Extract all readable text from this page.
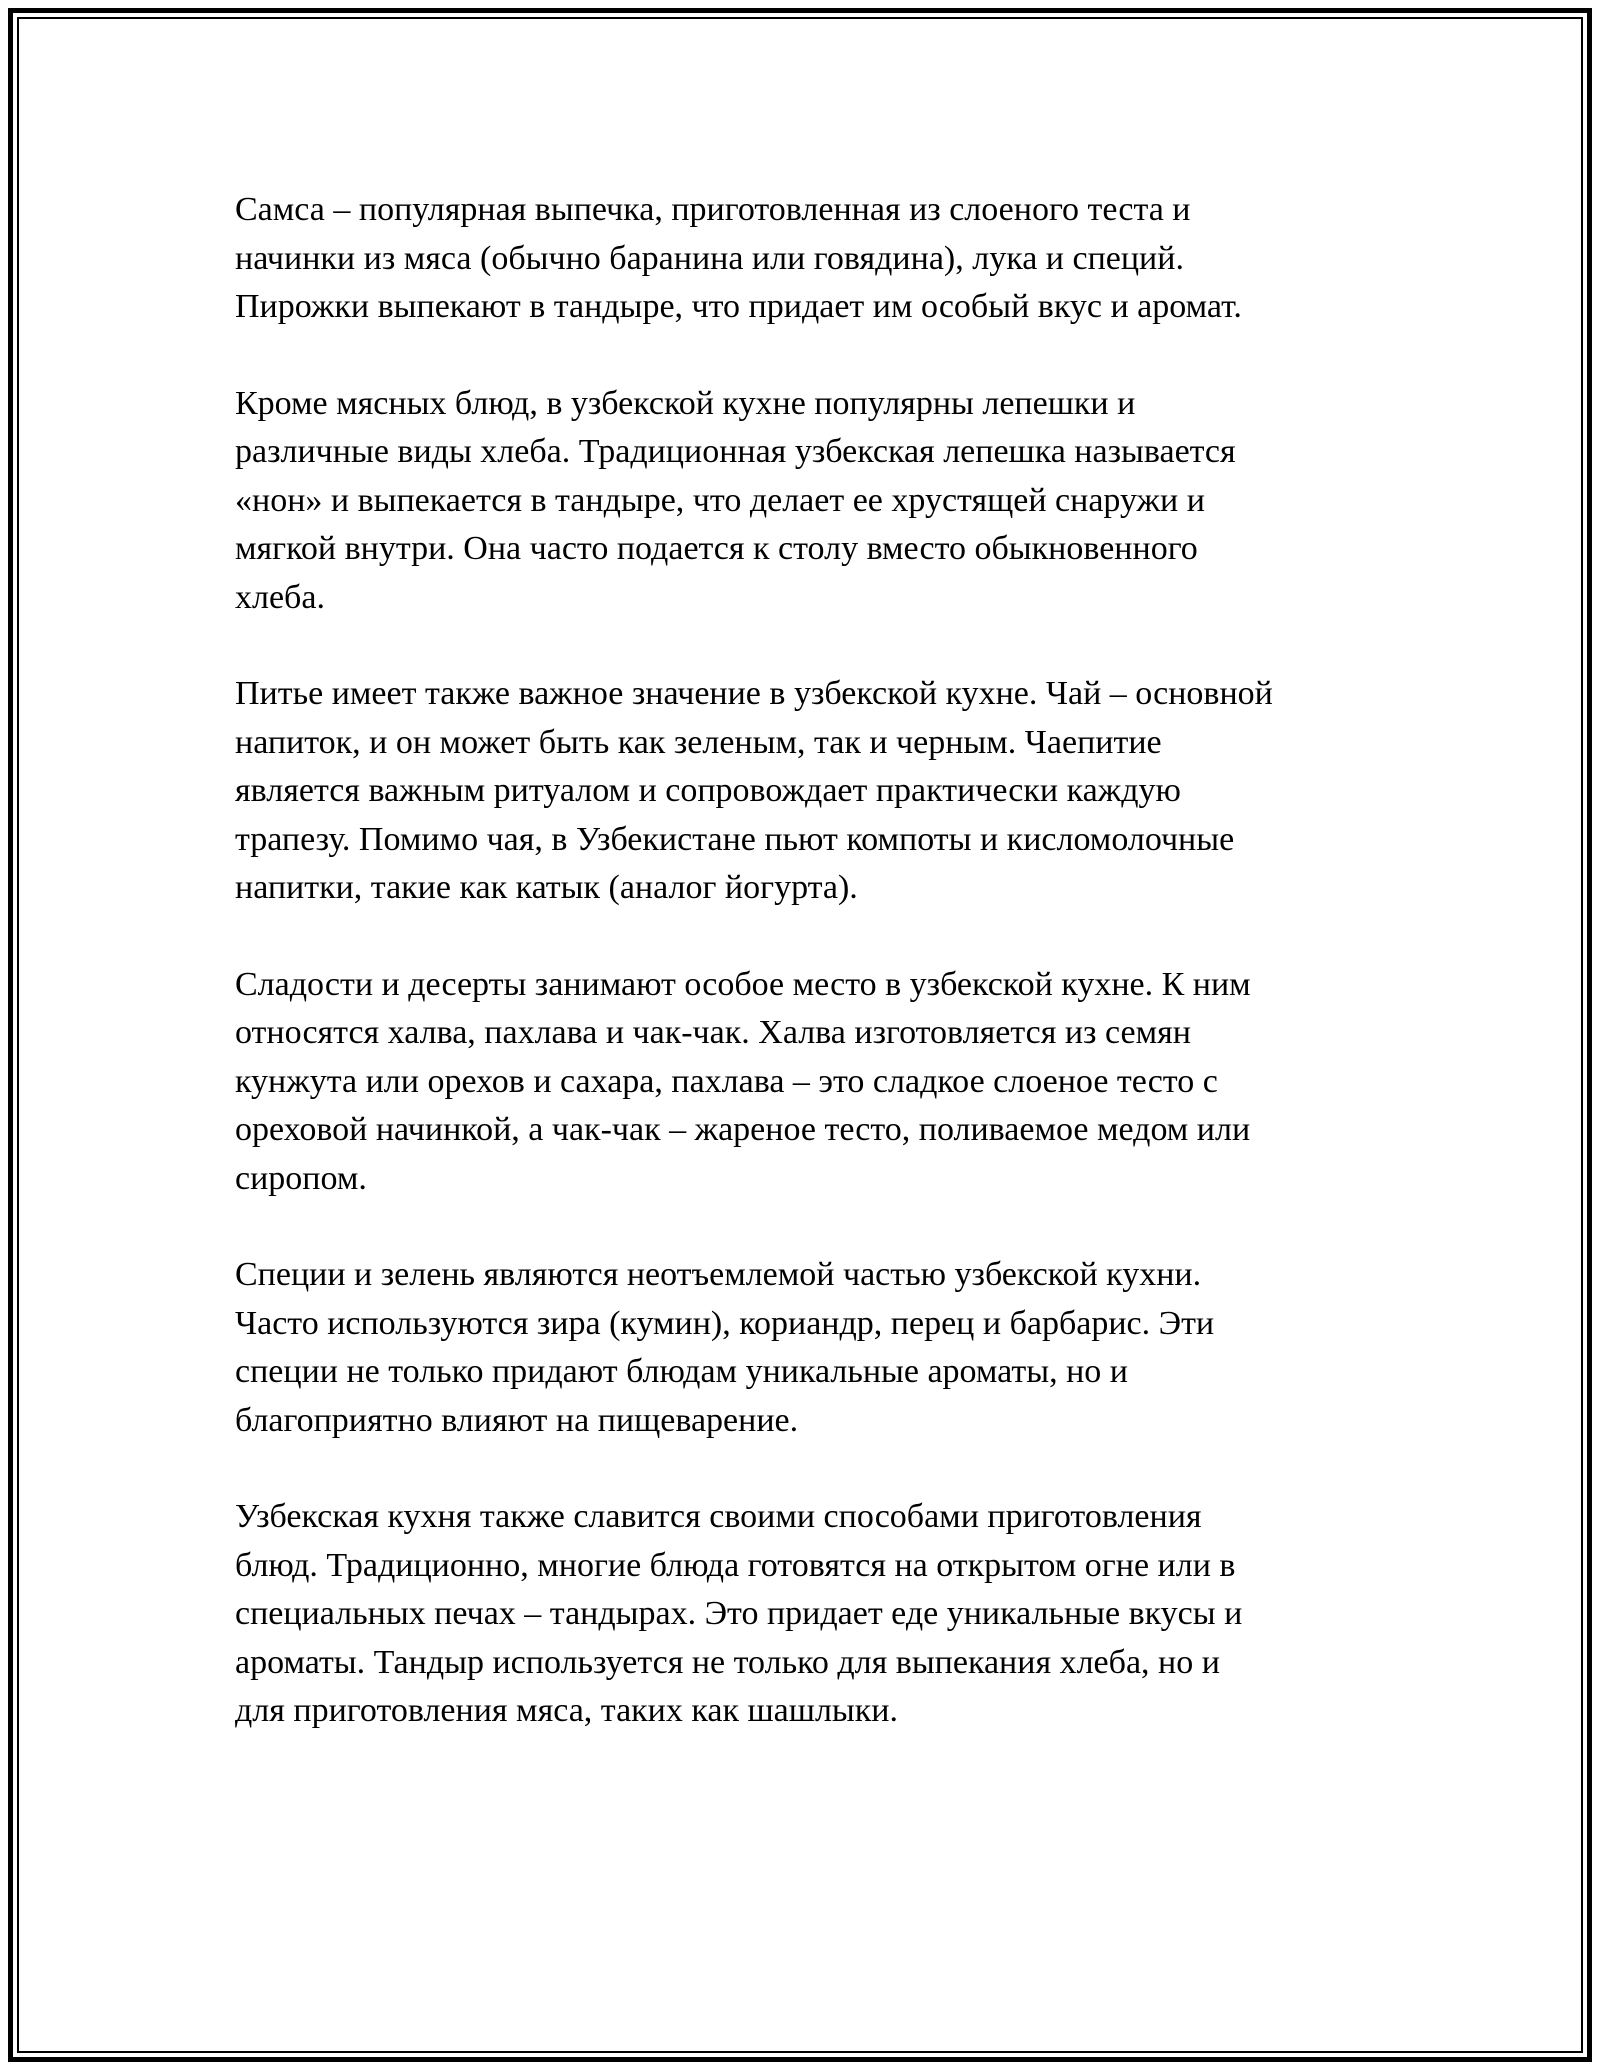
Самса – популярная выпечка, приготовленная из слоеного теста и
начинки из мяса (обычно баранина или говядина), лука и специй.
Пирожки выпекают в тандыре, что придает им особый вкус и аромат.

Кроме мясных блюд, в узбекской кухне популярны лепешки и
различные виды хлеба. Традиционная узбекская лепешка называется
«нон» и выпекается в тандыре, что делает ее хрустящей снаружи и
мягкой внутри. Она часто подается к столу вместо обыкновенного
хлеба.

Питье имеет также важное значение в узбекской кухне. Чай – основной
напиток, и он может быть как зеленым, так и черным. Чаепитие
является важным ритуалом и сопровождает практически каждую
трапезу. Помимо чая, в Узбекистане пьют компоты и кисломолочные
напитки, такие как катык (аналог йогурта).

Сладости и десерты занимают особое место в узбекской кухне. К ним
относятся халва, пахлава и чак-чак. Халва изготовляется из семян
кунжута или орехов и сахара, пахлава – это сладкое слоеное тесто с
ореховой начинкой, а чак-чак – жареное тесто, поливаемое медом или
сиропом.

Специи и зелень являются неотъемлемой частью узбекской кухни.
Часто используются зира (кумин), кориандр, перец и барбарис. Эти
специи не только придают блюдам уникальные ароматы, но и
благоприятно влияют на пищеварение.

Узбекская кухня также славится своими способами приготовления
блюд. Традиционно, многие блюда готовятся на открытом огне или в
специальных печах – тандырах. Это придает еде уникальные вкусы и
ароматы. Тандыр используется не только для выпекания хлеба, но и
для приготовления мяса, таких как шашлыки.
